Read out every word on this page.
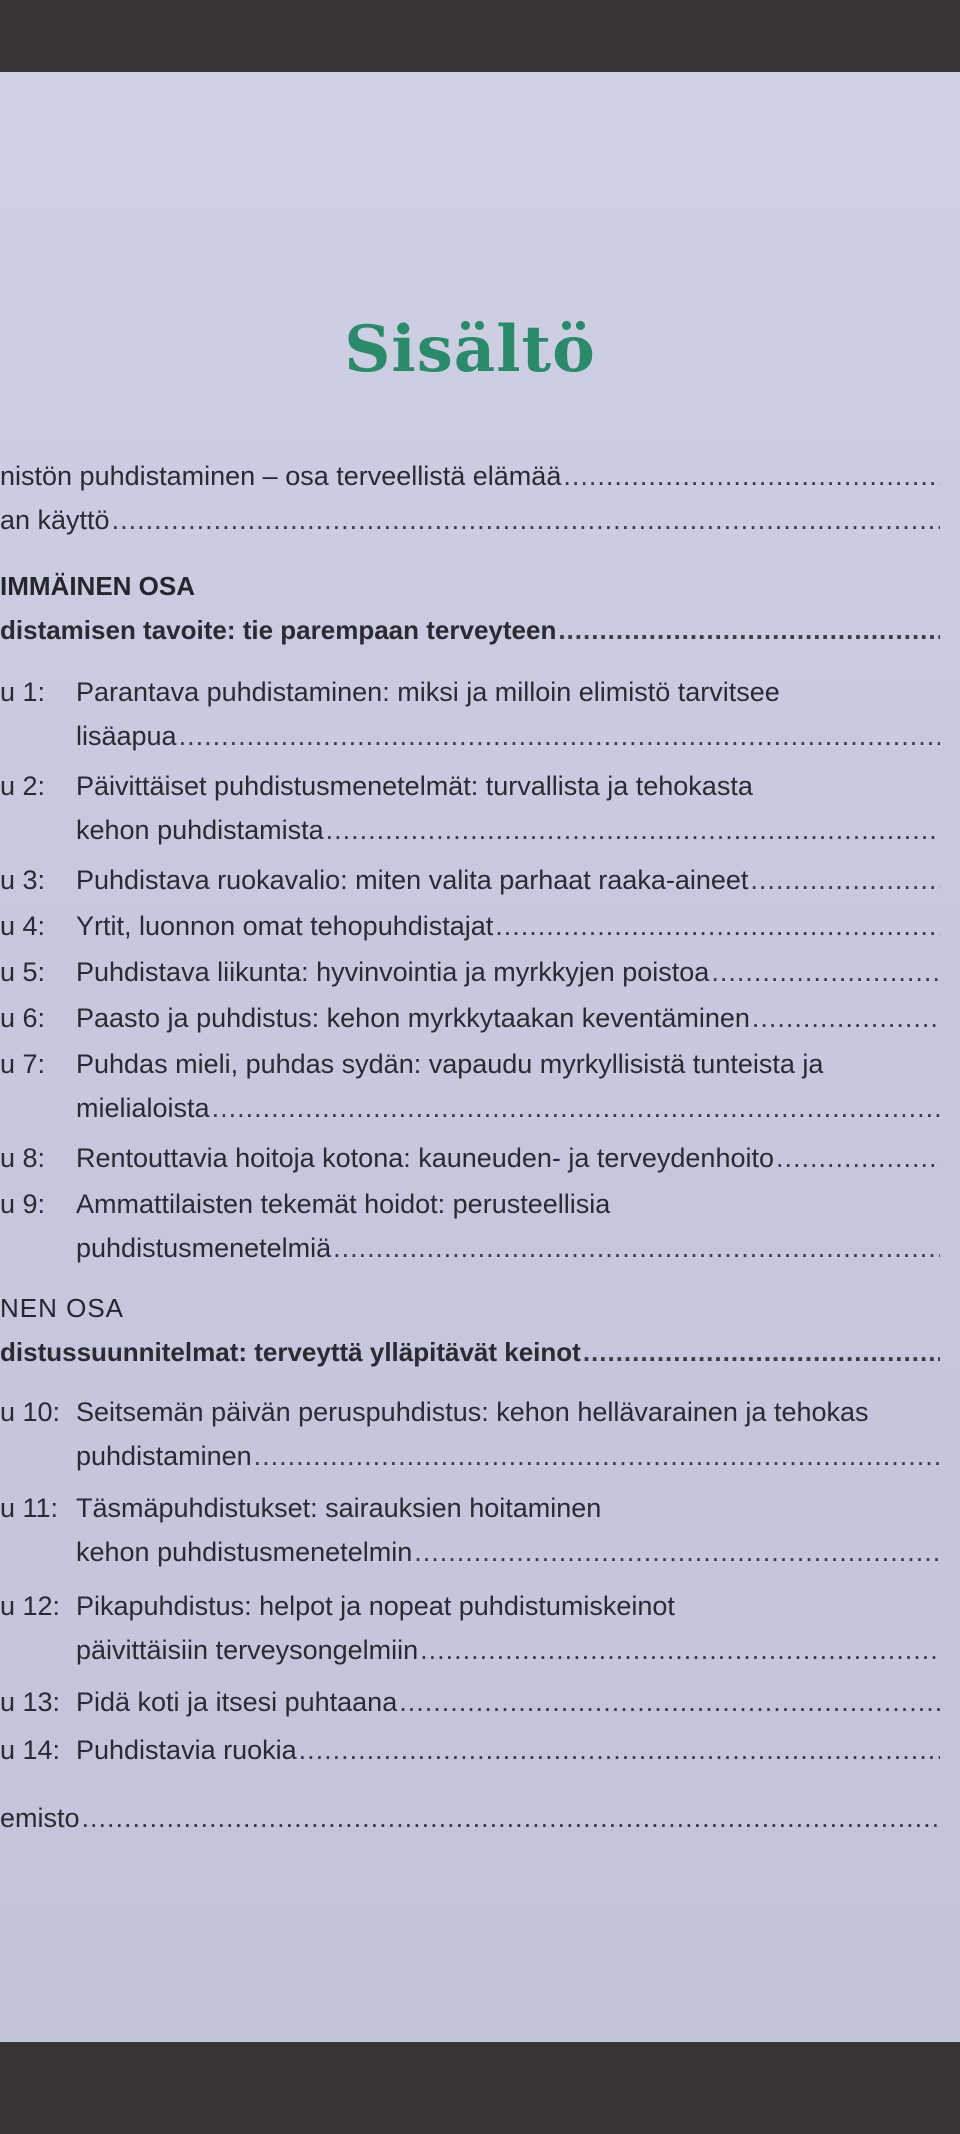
Sisältö
nistön puhdistaminen – osa terveellistä elämää
.....
an käyttö
.....
IMMÄINEN OSA
distamisen tavoite: tie parempaan terveyteen
.....
u 1:	Parantava puhdistaminen: miksi ja milloin elimistö tarvitsee
lisäapua
.....
u 2:	Päivittäiset puhdistusmenetelmät: turvallista ja tehokasta
kehon puhdistamista
.....
u 3:	Puhdistava ruokavalio: miten valita parhaat raaka-aineet
.....
u 4:	Yrtit, luonnon omat tehopuhdistajat
.....
u 5:	Puhdistava liikunta: hyvinvointia ja myrkkyjen poistoa
.....
u 6:	Paasto ja puhdistus: kehon myrkkytaakan keventäminen
.....
u 7:	Puhdas mieli, puhdas sydän: vapaudu myrkyllisistä tunteista ja
mielialoista
.....
u 8:	Rentouttavia hoitoja kotona: kauneuden- ja terveydenhoito
.....
u 9:	Ammattilaisten tekemät hoidot: perusteellisia
puhdistusmenetelmiä
.....
NEN OSA
distussuunnitelmat: terveyttä ylläpitävät keinot
.....
u 10: Seitsemän päivän peruspuhdistus: kehon hellävarainen ja tehokas
puhdistaminen
.....
u 11: Täsmäpuhdistukset: sairauksien hoitaminen
kehon puhdistusmenetelmin
.....
u 12: Pikapuhdistus: helpot ja nopeat puhdistumiskeinot
päivittäisiin terveysongelmiin
.....
u 13: Pidä koti ja itsesi puhtaana
.....
u 14: Puhdistavia ruokia
.....
emisto
.....
